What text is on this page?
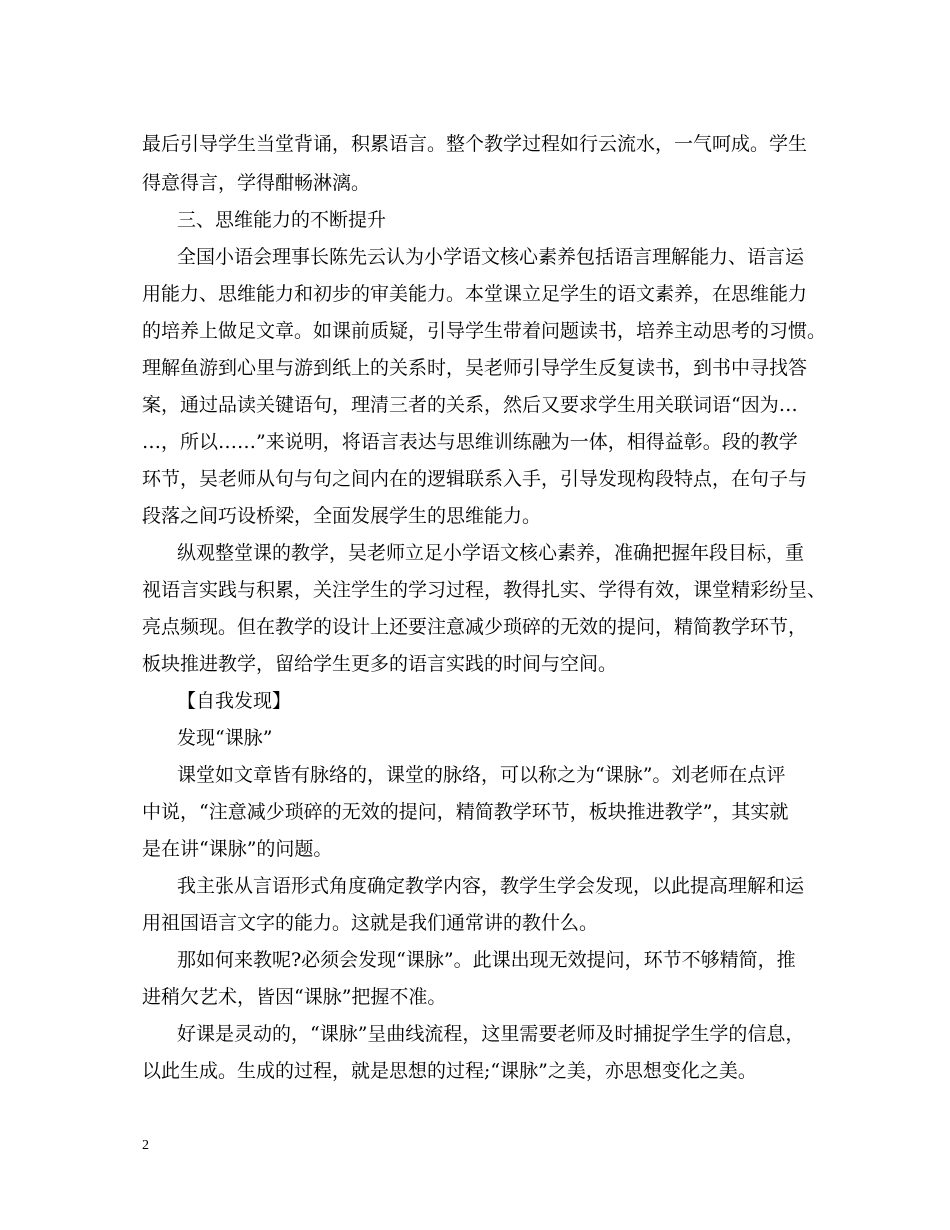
最后引导学生当堂背诵，积累语言。整个教学过程如行云流水，一气呵成。学生
得意得言，学得酣畅淋漓。
三、思维能力的不断提升
全国小语会理事长陈先云认为小学语文核心素养包括语言理解能力、语言运
用能力、思维能力和初步的审美能力。本堂课立足学生的语文素养，在思维能力
的培养上做足文章。如课前质疑，引导学生带着问题读书，培养主动思考的习惯。
理解鱼游到心里与游到纸上的关系时，吴老师引导学生反复读书，到书中寻找答
案，通过品读关键语句，理清三者的关系，然后又要求学生用关联词语“因为…
…，所以……”来说明，将语言表达与思维训练融为一体，相得益彰。段的教学
环节，吴老师从句与句之间内在的逻辑联系入手，引导发现构段特点，在句子与
段落之间巧设桥梁，全面发展学生的思维能力。
纵观整堂课的教学，吴老师立足小学语文核心素养，准确把握年段目标，重
视语言实践与积累，关注学生的学习过程，教得扎实、学得有效，课堂精彩纷呈、
亮点频现。但在教学的设计上还要注意减少琐碎的无效的提问，精简教学环节，
板块推进教学，留给学生更多的语言实践的时间与空间。
【自我发现】
发现“课脉”
课堂如文章皆有脉络的，课堂的脉络，可以称之为“课脉”。刘老师在点评
中说，“注意减少琐碎的无效的提问，精简教学环节，板块推进教学”，其实就
是在讲“课脉”的问题。
我主张从言语形式角度确定教学内容，教学生学会发现，以此提高理解和运
用祖国语言文字的能力。这就是我们通常讲的教什么。
那如何来教呢?必须会发现“课脉”。此课出现无效提问，环节不够精简，推
进稍欠艺术，皆因“课脉”把握不准。
好课是灵动的，“课脉”呈曲线流程，这里需要老师及时捕捉学生学的信息，
以此生成。生成的过程，就是思想的过程;“课脉”之美，亦思想变化之美。
2
